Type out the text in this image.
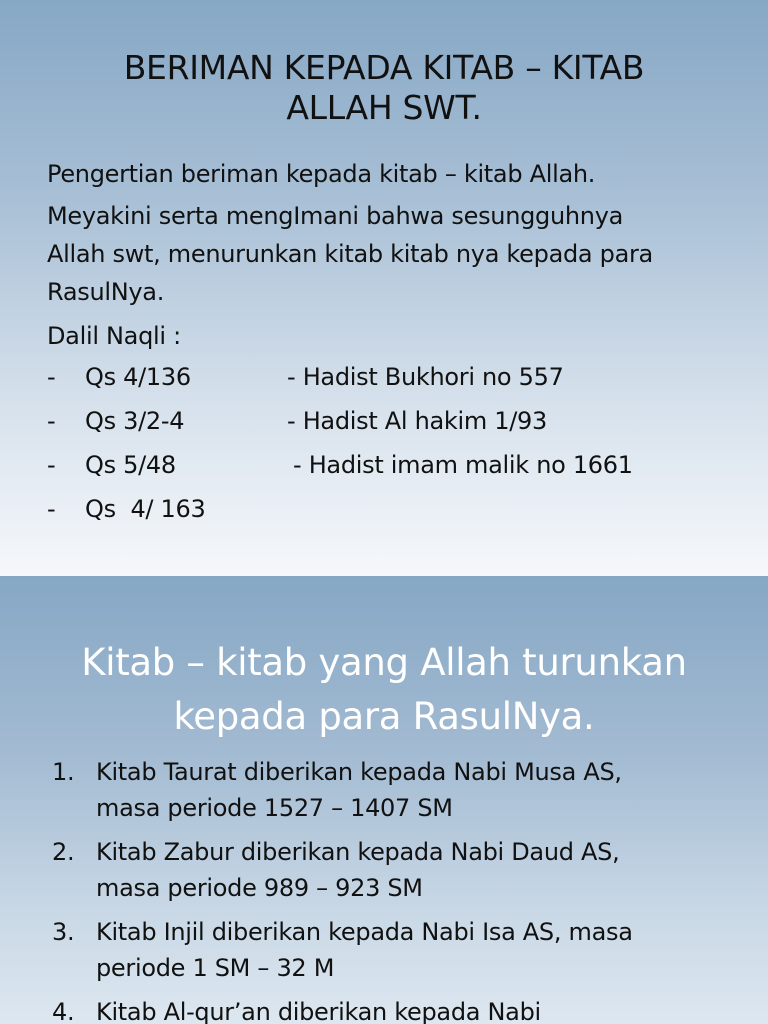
BERIMAN KEPADA KITAB – KITAB
ALLAH SWT.

Pengertian beriman kepada kitab – kitab Allah.

Meyakini serta mengImani bahwa sesungguhnya
Allah swt, menurunkan kitab kitab nya kepada para
RasulNya.

Dalil Naqli :

-	Qs 4/136	- Hadist Bukhori no 557
-	Qs 3/2-4	- Hadist Al hakim 1/93
-	Qs 5/48	- Hadist imam malik no 1661
-	Qs  4/ 163
Kitab – kitab yang Allah turunkan
kepada para RasulNya.
1. Kitab Taurat diberikan kepada Nabi Musa AS,
masa periode 1527 – 1407 SM
2. Kitab Zabur diberikan kepada Nabi Daud AS,
masa periode 989 – 923 SM
3. Kitab Injil diberikan kepada Nabi Isa AS, masa
periode 1 SM – 32 M
4. Kitab Al-qur’an diberikan kepada Nabi
